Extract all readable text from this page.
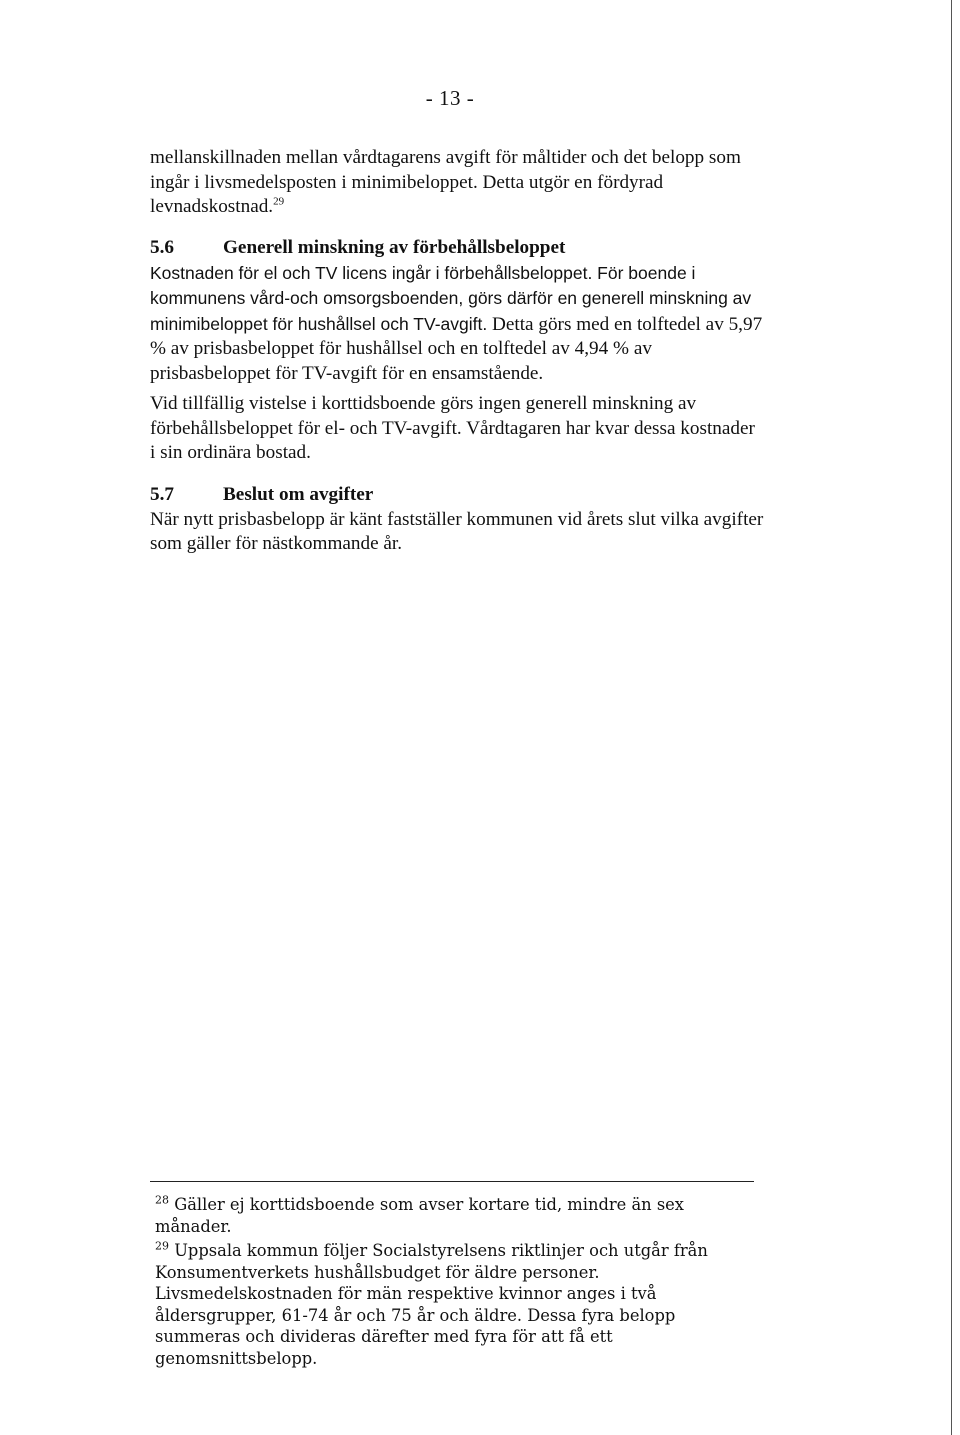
- 13 -

mellanskillnaden mellan vårdtagarens avgift för måltider och det belopp som ingår i livsmedelsposten i minimibeloppet. Detta utgör en fördyrad levnadskostnad.$^{29}$

5.6	Generell minskning av förbehållsbeloppet

Kostnaden för el och TV licens ingår i förbehållsbeloppet. För boende i kommunens vård-och omsorgsboenden, görs därför en generell minskning av minimibeloppet för hushållsel och TV-avgift. Detta görs med en tolftedel av 5,97 % av prisbasbeloppet för hushållsel och en tolftedel av 4,94 % av prisbasbeloppet för TV-avgift för en ensamstående.

Vid tillfällig vistelse i korttidsboende görs ingen generell minskning av förbehållsbeloppet för el- och TV-avgift. Vårdtagaren har kvar dessa kostnader i sin ordinära bostad.

5.7	Beslut om avgifter

När nytt prisbasbelopp är känt fastställer kommunen vid årets slut vilka avgifter som gäller för nästkommande år.

$^{28}$ Gäller ej korttidsboende som avser kortare tid, mindre än sex månader.

$^{29}$ Uppsala kommun följer Socialstyrelsens riktlinjer och utgår från Konsumentverkets hushållsbudget för äldre personer. Livsmedelskostnaden för män respektive kvinnor anges i två åldersgrupper, 61-74 år och 75 år och äldre. Dessa fyra belopp summeras och divideras därefter med fyra för att få ett genomsnittsbelopp.
